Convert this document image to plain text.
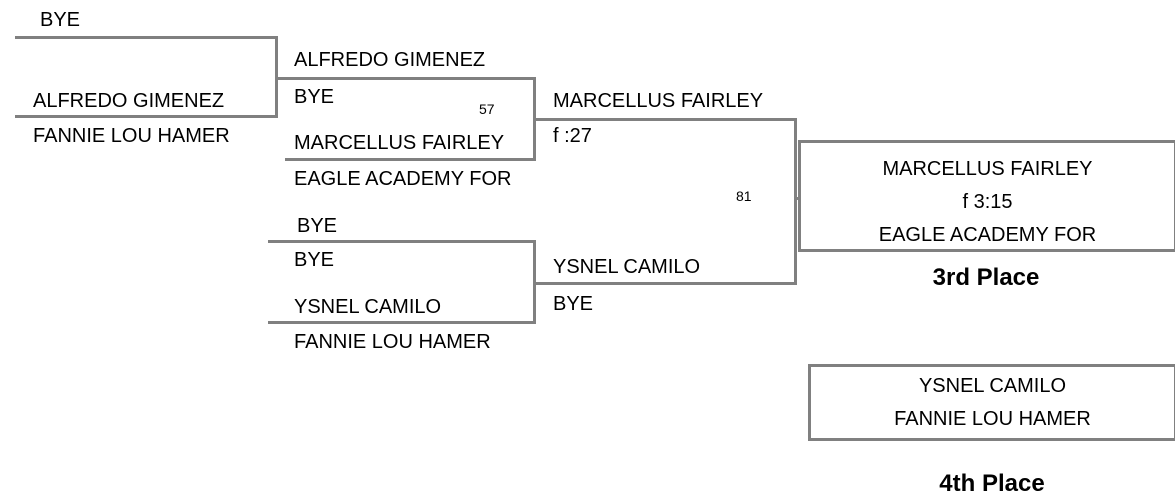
BYE
ALFREDO GIMENEZ
FANNIE LOU HAMER
ALFREDO GIMENEZ
BYE
57
MARCELLUS FAIRLEY
EAGLE ACADEMY FOR
BYE
BYE
YSNEL CAMILO
FANNIE LOU HAMER
MARCELLUS FAIRLEY
f :27
81
YSNEL CAMILO
BYE
MARCELLUS FAIRLEY
f 3:15
EAGLE ACADEMY FOR
3rd Place
YSNEL CAMILO
FANNIE LOU HAMER
4th Place
